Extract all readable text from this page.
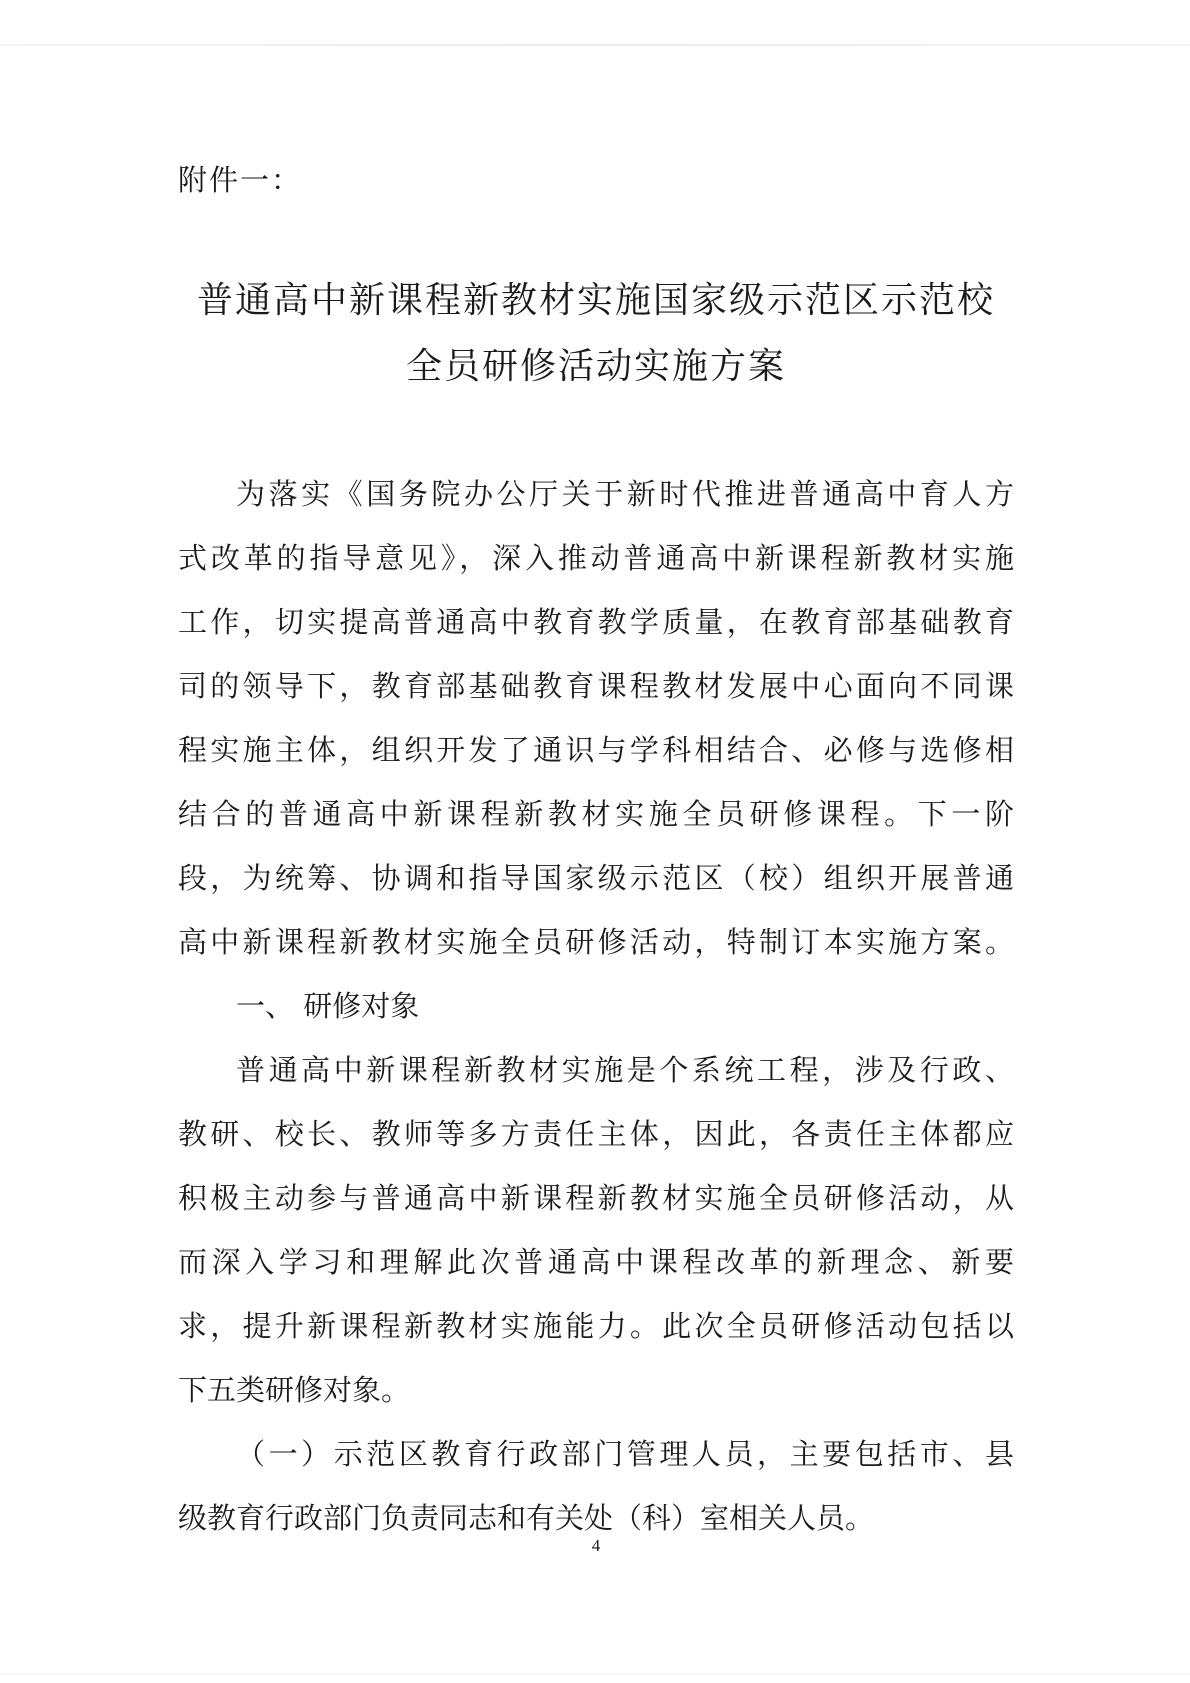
附件一：
普通高中新课程新教材实施国家级示范区示范校
全员研修活动实施方案
为落实《国务院办公厅关于新时代推进普通高中育人方
式改革的指导意见》，深入推动普通高中新课程新教材实施
工作，切实提高普通高中教育教学质量，在教育部基础教育
司的领导下，教育部基础教育课程教材发展中心面向不同课
程实施主体，组织开发了通识与学科相结合、必修与选修相
结合的普通高中新课程新教材实施全员研修课程。下一阶
段，为统筹、协调和指导国家级示范区（校）组织开展普通
高中新课程新教材实施全员研修活动，特制订本实施方案。
一、 研修对象
普通高中新课程新教材实施是个系统工程，涉及行政、
教研、校长、教师等多方责任主体，因此，各责任主体都应
积极主动参与普通高中新课程新教材实施全员研修活动，从
而深入学习和理解此次普通高中课程改革的新理念、新要
求，提升新课程新教材实施能力。此次全员研修活动包括以
下五类研修对象。
（一）示范区教育行政部门管理人员，主要包括市、县
级教育行政部门负责同志和有关处（科）室相关人员。
4
